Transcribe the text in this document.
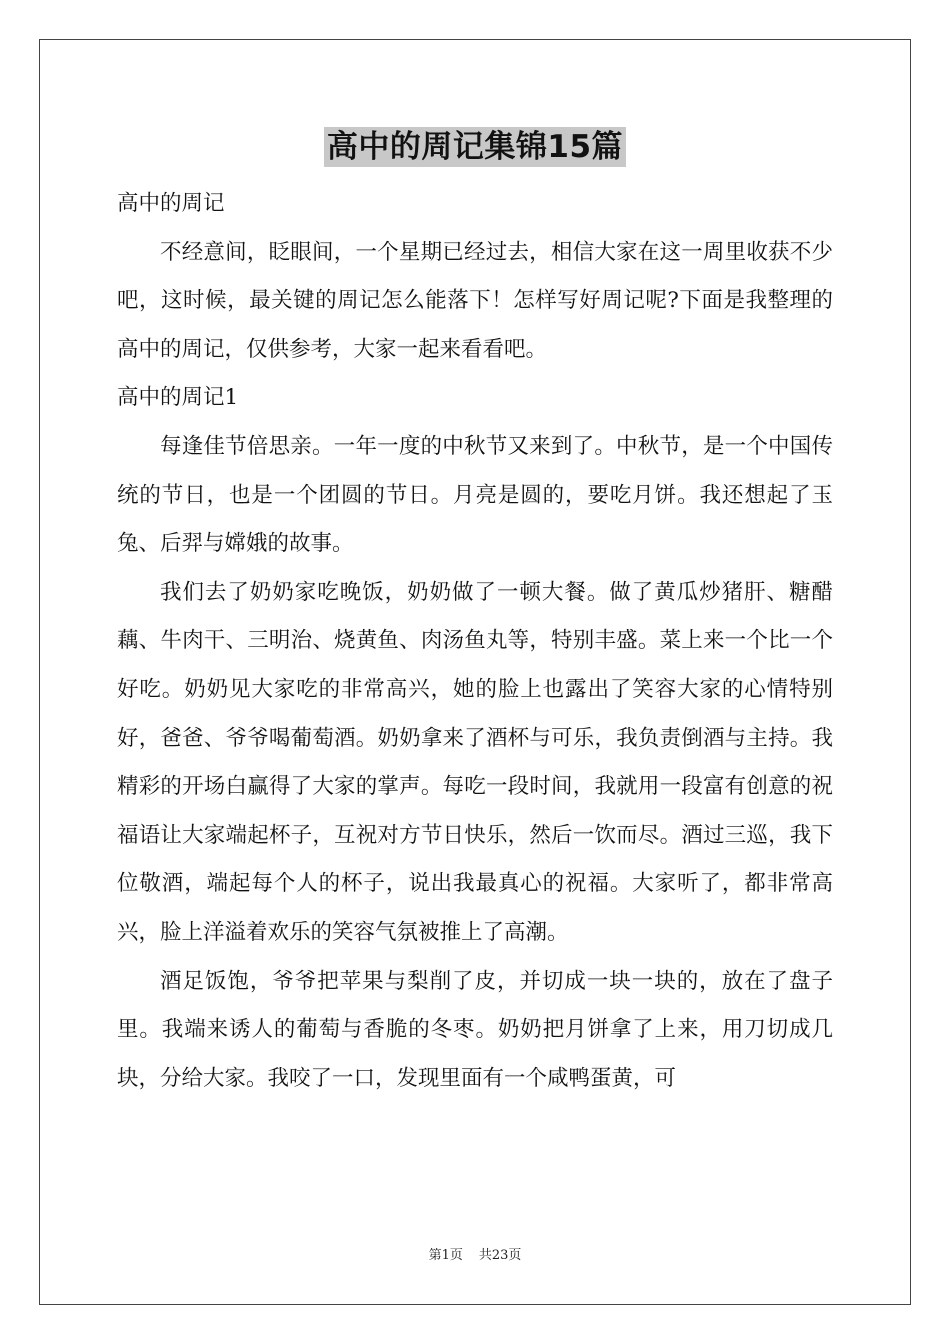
高中的周记集锦15篇

高中的周记

不经意间，眨眼间，一个星期已经过去，相信大家在这一周里收获不少吧，这时候，最关键的周记怎么能落下！怎样写好周记呢?下面是我整理的高中的周记，仅供参考，大家一起来看看吧。

高中的周记1

每逢佳节倍思亲。一年一度的中秋节又来到了。中秋节，是一个中国传统的节日，也是一个团圆的节日。月亮是圆的，要吃月饼。我还想起了玉兔、后羿与嫦娥的故事。

我们去了奶奶家吃晚饭，奶奶做了一顿大餐。做了黄瓜炒猪肝、糖醋藕、牛肉干、三明治、烧黄鱼、肉汤鱼丸等，特别丰盛。菜上来一个比一个好吃。奶奶见大家吃的非常高兴，她的脸上也露出了笑容大家的心情特别好，爸爸、爷爷喝葡萄酒。奶奶拿来了酒杯与可乐，我负责倒酒与主持。我精彩的开场白赢得了大家的掌声。每吃一段时间，我就用一段富有创意的祝福语让大家端起杯子，互祝对方节日快乐，然后一饮而尽。酒过三巡，我下位敬酒，端起每个人的杯子，说出我最真心的祝福。大家听了，都非常高兴，脸上洋溢着欢乐的笑容气氛被推上了高潮。

酒足饭饱，爷爷把苹果与梨削了皮，并切成一块一块的，放在了盘子里。我端来诱人的葡萄与香脆的冬枣。奶奶把月饼拿了上来，用刀切成几块，分给大家。我咬了一口，发现里面有一个咸鸭蛋黄，可

第1页 共23页
